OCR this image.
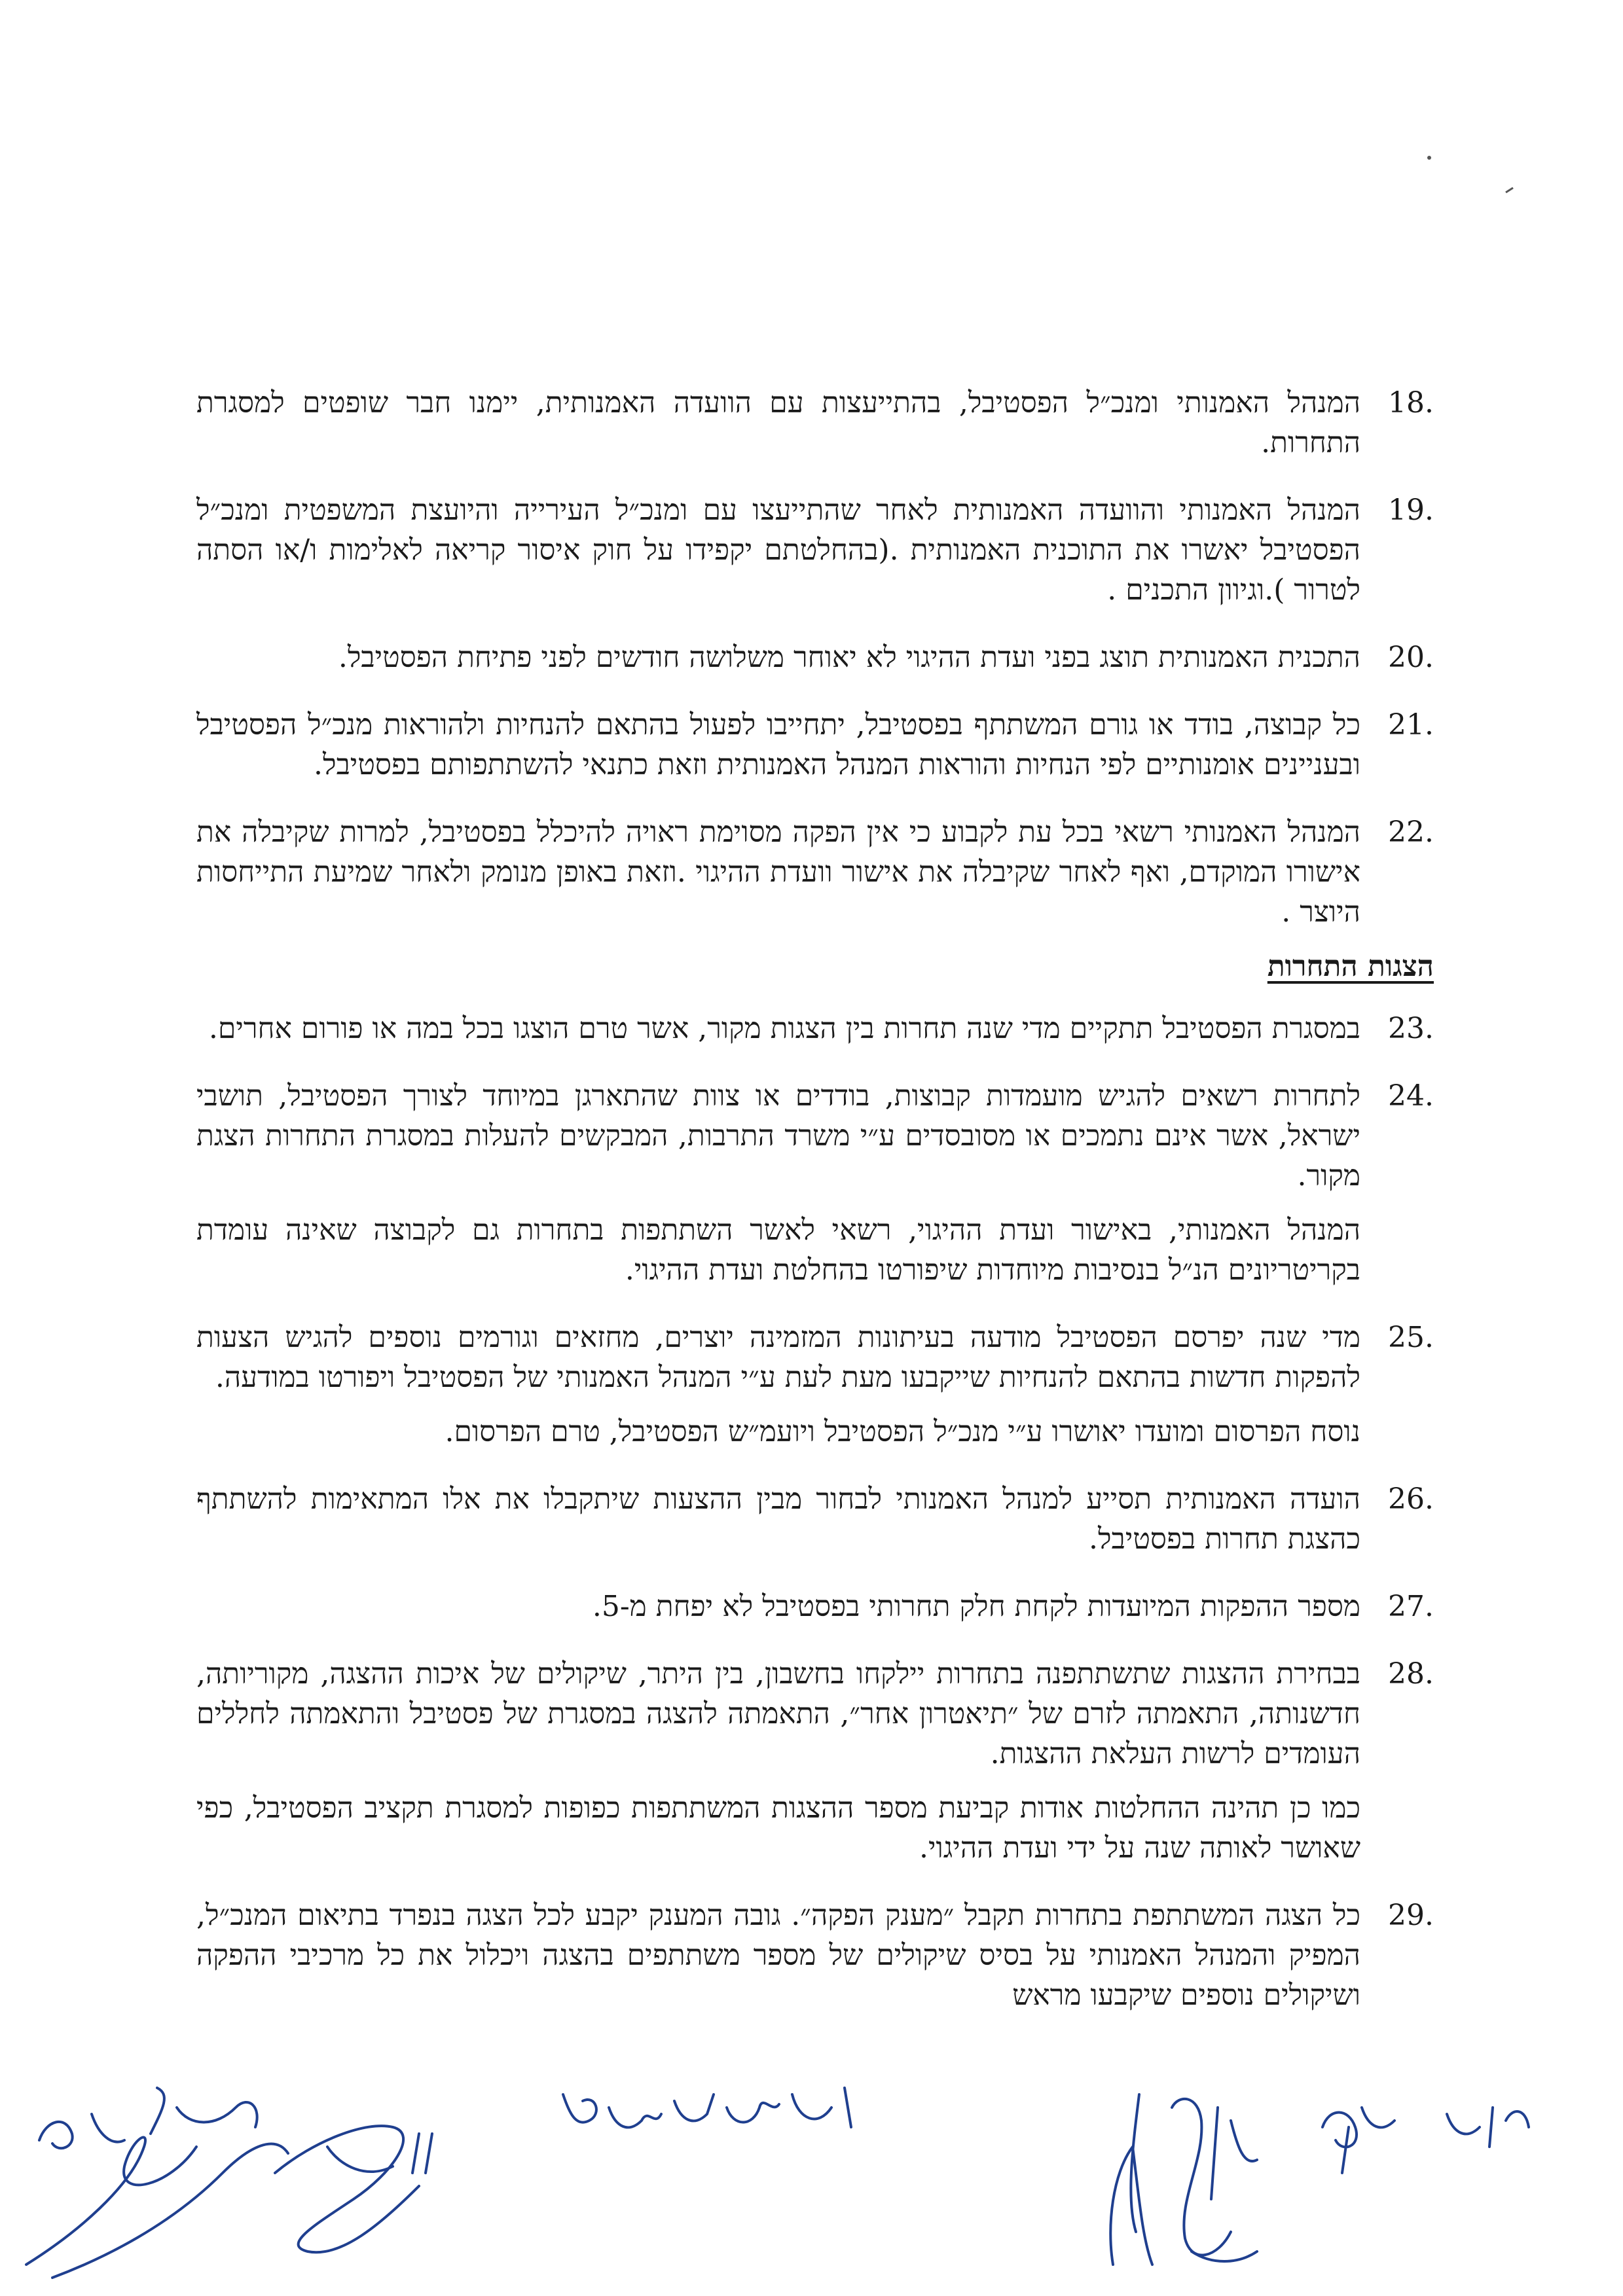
18.
המנהל האמנותי ומנכ״ל הפסטיבל, בהתייעצות עם הוועדה האמנותית, יימנו חבר שופטים למסגרת התחרות.
19.
המנהל האמנותי והוועדה האמנותית לאחר שהתייעצו עם ומנכ״ל העירייה והיועצת המשפטית ומנכ״ל הפסטיבל יאשרו את התוכנית האמנותית .(בהחלטתם יקפידו על חוק איסור קריאה לאלימות ו/או הסתה לטרור ).וגיוון התכנים .
20.
התכנית האמנותית תוצג בפני ועדת ההיגוי לא יאוחר משלושה חודשים לפני פתיחת הפסטיבל.
21.
כל קבוצה, בודד או גורם המשתתף בפסטיבל, יתחייבו לפעול בהתאם להנחיות ולהוראות מנכ״ל הפסטיבל ובעניינים אומנותיים לפי הנחיות והוראות המנהל האמנותית וזאת כתנאי להשתתפותם בפסטיבל.
22.
המנהל האמנותי רשאי בכל עת לקבוע כי אין הפקה מסוימת ראויה להיכלל בפסטיבל, למרות שקיבלה את אישורו המוקדם, ואף לאחר שקיבלה את אישור וועדת ההיגוי .וזאת באופן מנומק ולאחר שמיעת התייחסות היוצר .
הצגות התחרות
23.
במסגרת הפסטיבל תתקיים מדי שנה תחרות בין הצגות מקור, אשר טרם הוצגו בכל במה או פורום אחרים.
24.
לתחרות רשאים להגיש מועמדות קבוצות, בודדים או צוות שהתארגן במיוחד לצורך הפסטיבל, תושבי ישראל, אשר אינם נתמכים או מסובסדים ע״י משרד התרבות, המבקשים להעלות במסגרת התחרות הצגת מקור.
המנהל האמנותי, באישור ועדת ההיגוי, רשאי לאשר השתתפות בתחרות גם לקבוצה שאינה עומדת בקריטריונים הנ״ל בנסיבות מיוחדות שיפורטו בהחלטת ועדת ההיגוי.
25.
מדי שנה יפרסם הפסטיבל מודעה בעיתונות המזמינה יוצרים, מחזאים וגורמים נוספים להגיש הצעות להפקות חדשות בהתאם להנחיות שייקבעו מעת לעת ע״י המנהל האמנותי של הפסטיבל ויפורטו במודעה.
נוסח הפרסום ומועדו יאושרו ע״י מנכ״ל הפסטיבל ויועמ״ש הפסטיבל, טרם הפרסום.
26.
הועדה האמנותית תסייע למנהל האמנותי לבחור מבין ההצעות שיתקבלו את אלו המתאימות להשתתף כהצגת תחרות בפסטיבל.
27.
מספר ההפקות המיועדות לקחת חלק תחרותי בפסטיבל לא יפחת מ-5.
28.
בבחירת ההצגות שתשתתפנה בתחרות יילקחו בחשבון, בין היתר, שיקולים של איכות ההצגה, מקוריותה, חדשנותה, התאמתה לזרם של ״תיאטרון אחר״, התאמתה להצגה במסגרת של פסטיבל והתאמתה לחללים העומדים לרשות העלאת ההצגות.
כמו כן תהינה ההחלטות אודות קביעת מספר ההצגות המשתתפות כפופות למסגרת תקציב הפסטיבל, כפי שאושר לאותה שנה על ידי ועדת ההיגוי.
29.
כל הצגה המשתתפת בתחרות תקבל ״מענק הפקה״. גובה המענק יקבע לכל הצגה בנפרד בתיאום המנכ״ל, המפיק והמנהל האמנותי על בסיס שיקולים של מספר משתתפים בהצגה ויכלול את כל מרכיבי ההפקה ושיקולים נוספים שיקבעו מראש
